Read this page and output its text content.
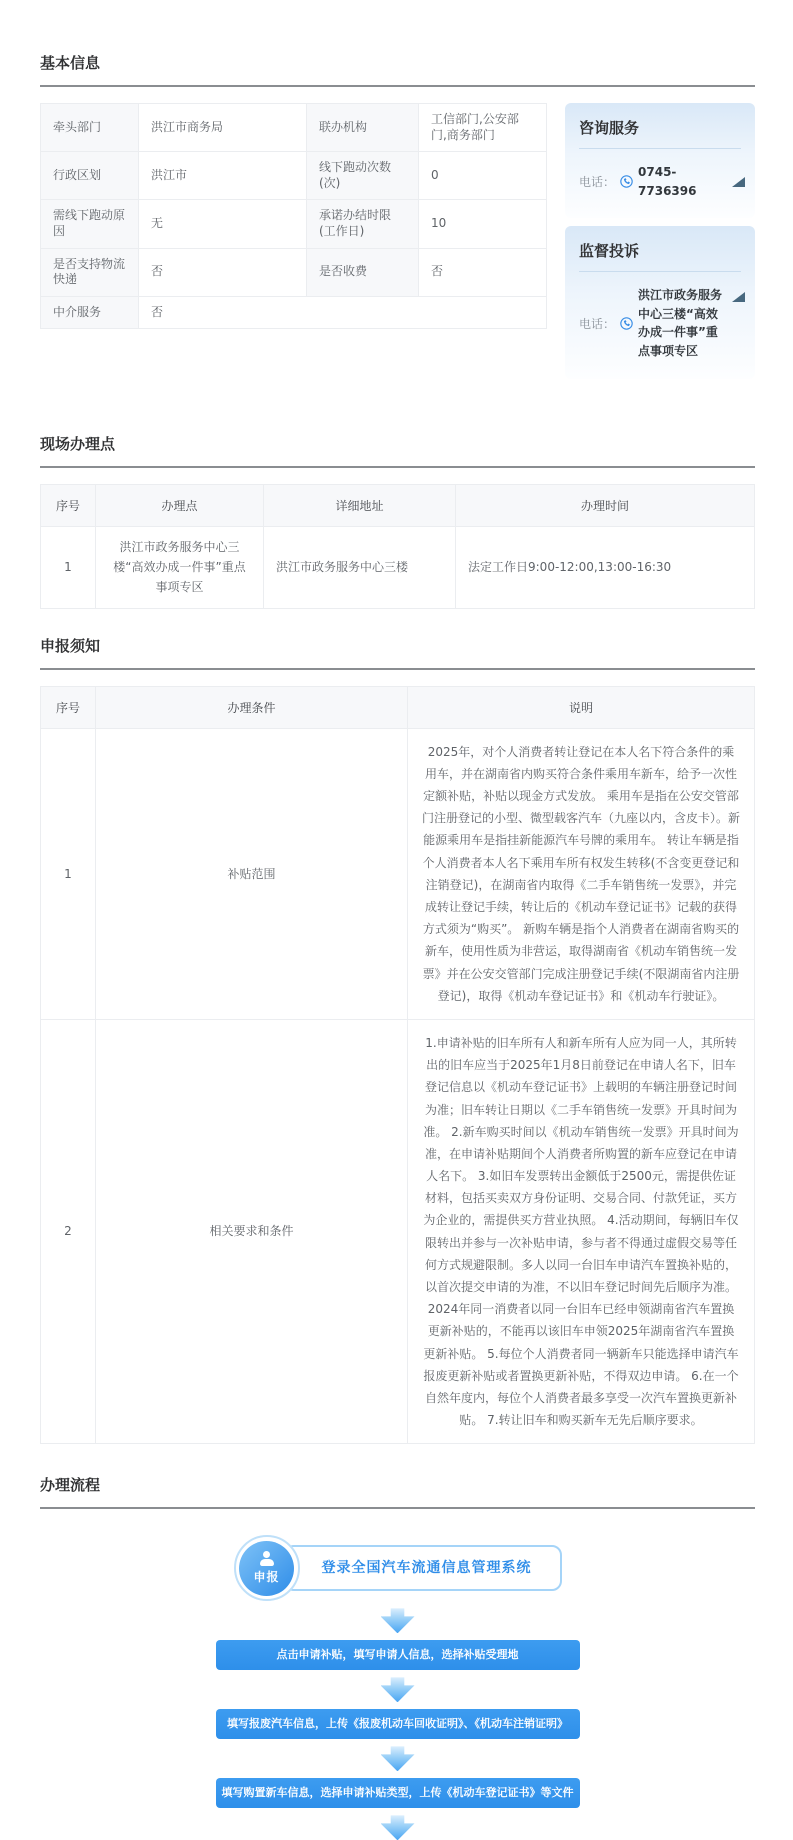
基本信息
牵头部门	洪江市商务局	联办机构	工信部门,公安部门,商务部门
行政区划	洪江市	线下跑动次数(次)	0
需线下跑动原因	无	承诺办结时限(工作日)	10
是否支持物流快递	否	是否收费	否
中介服务	否		
咨询服务
电话：
0745-7736396
监督投诉
电话：
洪江市政务服务中心三楼“高效办成一件事”重点事项专区
现场办理点
序号	办理点	详细地址	办理时间
1	洪江市政务服务中心三楼“高效办成一件事”重点事项专区	洪江市政务服务中心三楼	法定工作日9:00-12:00,13:00-16:30
申报须知
序号	办理条件	说明
1	补贴范围	2025年，对个人消费者转让登记在本人名下符合条件的乘用车，并在湖南省内购买符合条件乘用车新车，给予一次性定额补贴，补贴以现金方式发放。 乘用车是指在公安交管部门注册登记的小型、微型载客汽车（九座以内，含皮卡）。新能源乘用车是指挂新能源汽车号牌的乘用车。 转让车辆是指个人消费者本人名下乘用车所有权发生转移(不含变更登记和注销登记)，在湖南省内取得《二手车销售统一发票》，并完成转让登记手续，转让后的《机动车登记证书》记载的获得方式须为“购买”。 新购车辆是指个人消费者在湖南省购买的新车，使用性质为非营运，取得湖南省《机动车销售统一发票》并在公安交管部门完成注册登记手续(不限湖南省内注册登记)，取得《机动车登记证书》和《机动车行驶证》。
2	相关要求和条件	1.申请补贴的旧车所有人和新车所有人应为同一人，其所转出的旧车应当于2025年1月8日前登记在申请人名下，旧车登记信息以《机动车登记证书》上载明的车辆注册登记时间为准；旧车转让日期以《二手车销售统一发票》开具时间为准。 2.新车购买时间以《机动车销售统一发票》开具时间为准，在申请补贴期间个人消费者所购置的新车应登记在申请人名下。 3.如旧车发票转出金额低于2500元，需提供佐证材料，包括买卖双方身份证明、交易合同、付款凭证，买方为企业的，需提供买方营业执照。 4.活动期间，每辆旧车仅限转出并参与一次补贴申请，参与者不得通过虚假交易等任何方式规避限制。多人以同一台旧车申请汽车置换补贴的，以首次提交申请的为准，不以旧车登记时间先后顺序为准。2024年同一消费者以同一台旧车已经申领湖南省汽车置换更新补贴的，不能再以该旧车申领2025年湖南省汽车置换更新补贴。 5.每位个人消费者同一辆新车只能选择申请汽车报废更新补贴或者置换更新补贴，不得双边申请。 6.在一个自然年度内，每位个人消费者最多享受一次汽车置换更新补贴。 7.转让旧车和购买新车无先后顺序要求。
办理流程
申报
登录全国汽车流通信息管理系统
点击申请补贴，填写申请人信息，选择补贴受理地
填写报废汽车信息，上传《报废机动车回收证明》、《机动车注销证明》
填写购置新车信息，选择申请补贴类型，上传《机动车登记证书》等文件
